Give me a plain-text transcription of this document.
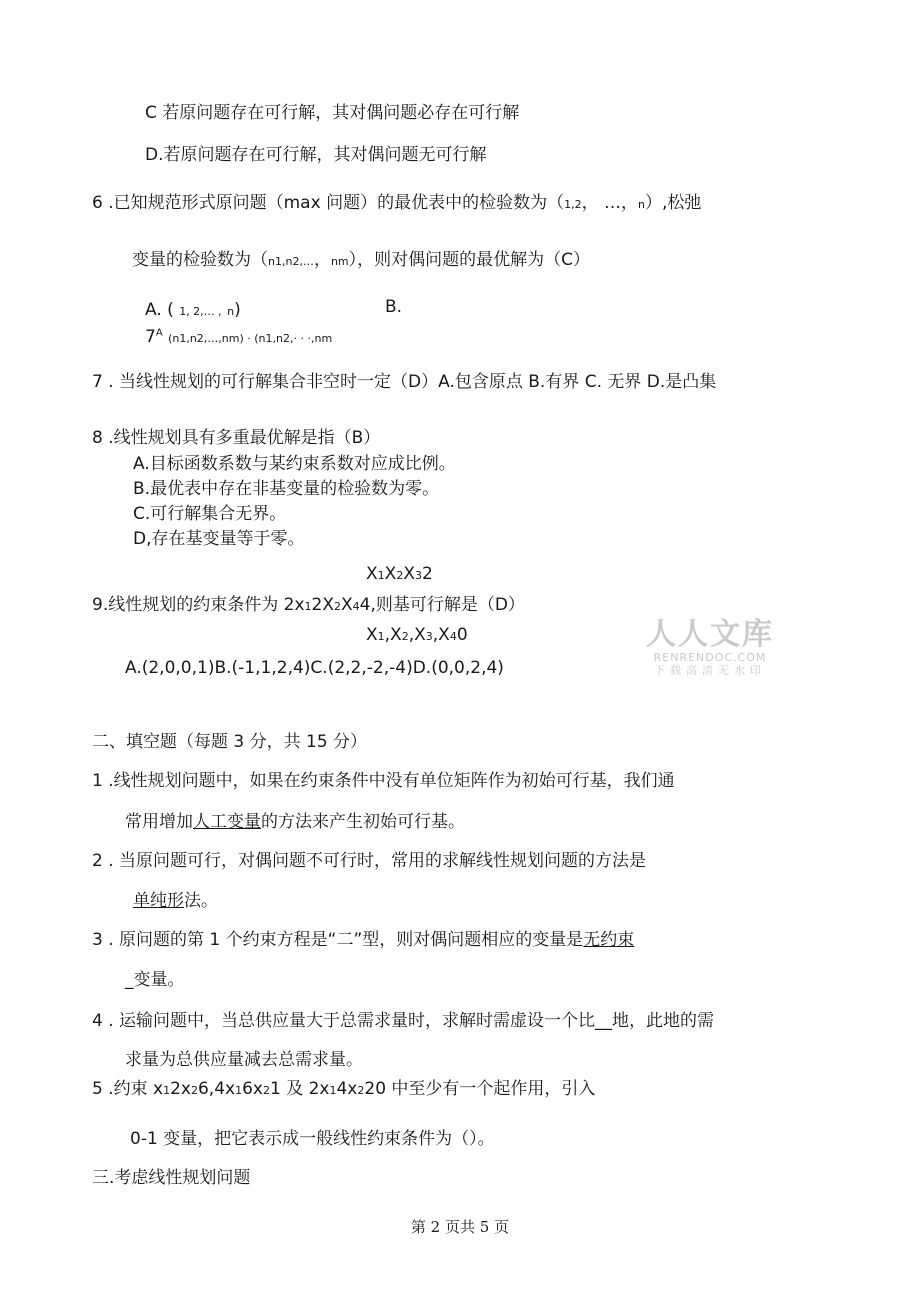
C 若原问题存在可行解，其对偶问题必存在可行解
D.若原问题存在可行解，其对偶问题无可行解
6 .已知规范形式原问题（max 问题）的最优表中的检验数为（1,2， …，n）,松弛
变量的检验数为（n1,n2,…，nm），则对偶问题的最优解为（C）
A. ( 1, 2,… , n)	B.
$7^A$ (n1,n2,…,nm) · (n1,n2,· · ·,nm
7 . 当线性规划的可行解集合非空时一定（D）A.包含原点 B.有界 C. 无界 D.是凸集
8 .线性规划具有多重最优解是指（B）
A.目标函数系数与某约束系数对应成比例。
B.最优表中存在非基变量的检验数为零。
C.可行解集合无界。
D,存在基变量等于零。
X1X2X32
9.线性规划的约束条件为 2x12X2X44,则基可行解是（D）
X1,X2,X3,X40
A.(2,0,0,1)B.(-1,1,2,4)C.(2,2,-2,-4)D.(0,0,2,4)
人人文库
RENRENDOC.COM
下载高清无水印
二、填空题（每题 3 分，共 15 分）
1 .线性规划问题中，如果在约束条件中没有单位矩阵作为初始可行基，我们通
常用增加人工变量的方法来产生初始可行基。
2 . 当原问题可行，对偶问题不可行时，常用的求解线性规划问题的方法是
单纯形法。
3 . 原问题的第 1 个约束方程是“二”型，则对偶问题相应的变量是无约束
_变量。
4 . 运输问题中，当总供应量大于总需求量时，求解时需虚设一个比__地，此地的需
求量为总供应量减去总需求量。
5 .约束 x12x26,4x16x21 及 2x14x220 中至少有一个起作用，引入
0-1 变量，把它表示成一般线性约束条件为（）。
三.考虑线性规划问题
第 2 页共 5 页
